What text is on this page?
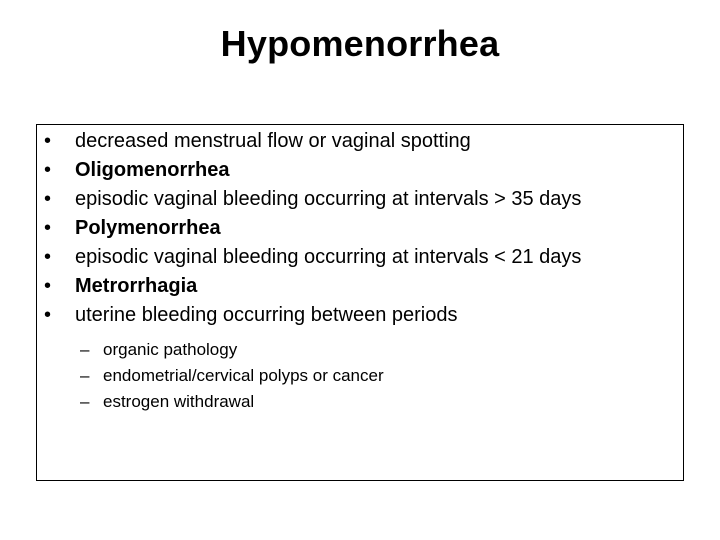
Hypomenorrhea
• decreased menstrual flow or vaginal spotting
• Oligomenorrhea
• episodic vaginal bleeding occurring at intervals > 35 days
• Polymenorrhea
• episodic vaginal bleeding occurring at intervals < 21 days
• Metrorrhagia
• uterine bleeding occurring between periods
– organic pathology
– endometrial/cervical polyps or cancer
– estrogen withdrawal
